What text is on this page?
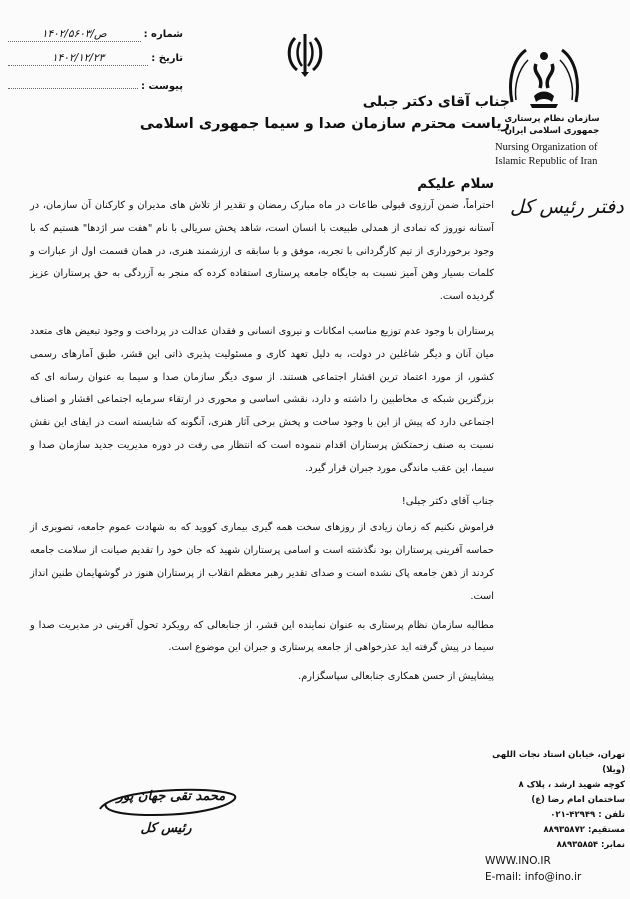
شماره :
۱۴۰۲/ص/۵۶۰۳
تاریخ :
۱۴۰۲/۱۲/۲۳
پیوست :
سازمان نظام پرستاری
جمهوری اسلامی ایران
Nursing Organization of
Islamic Republic of Iran
جناب آقای دکتر جبلی
ریاست محترم سازمان صدا و سیما جمهوری اسلامی
دفتر رئیس کل
سلام علیکم

احتراماً، ضمن آرزوی قبولی طاعات در ماه مبارک رمضان و تقدیر از تلاش های مدیران و کارکنان آن سازمان، در آستانه نوروز که نمادی از همدلی طبیعت با انسان است، شاهد پخش سریالی با نام "هفت سر اژدها" هستیم که با وجود برخورداری از تیم کارگردانی با تجربه، موفق و با سابقه ی ارزشمند هنری، در همان قسمت اول از عبارات و کلمات بسیار وهن آمیز نسبت به جایگاه جامعه پرستاری استفاده کرده که منجر به آزردگی به حق پرستاران عزیز گردیده است.

پرستاران با وجود عدم توزیع مناسب امکانات و نیروی انسانی و فقدان عدالت در پرداخت و وجود تبعیض های متعدد میان آنان و دیگر شاغلین در دولت، به دلیل تعهد کاری و مسئولیت پذیری ذاتی این قشر، طبق آمارهای رسمی کشور، از مورد اعتماد ترین اقشار اجتماعی هستند. از سوی دیگر سازمان صدا و سیما به عنوان رسانه ای که بزرگترین شبکه ی مخاطبین را داشته و دارد، نقشی اساسی و محوری در ارتقاء سرمایه اجتماعی اقشار و اصناف اجتماعی دارد که پیش از این با وجود ساخت و پخش برخی آثار هنری، آنگونه که شایسته است در ایفای این نقش نسبت به صنف زحمتکش پرستاران اقدام ننموده است که انتظار می رفت در دوره مدیریت جدید سازمان صدا و سیما، این عقب ماندگی مورد جبران قرار گیرد.

جناب آقای دکتر جبلی!

فراموش نکنیم که زمان زیادی از روزهای سخت همه گیری بیماری کووید که به شهادت عموم جامعه، تصویری از حماسه آفرینی پرستاران بود نگذشته است و اسامی پرستاران شهید که جان خود را تقدیم صیانت از سلامت جامعه کردند از ذهن جامعه پاک نشده است و صدای تقدیر رهبر معظم انقلاب از پرستاران هنوز در گوشهایمان طنین انداز است.

مطالبه سازمان نظام پرستاری به عنوان نماینده این قشر، از جنابعالی که رویکرد تحول آفرینی در مدیریت صدا و سیما در پیش گرفته اید عذرخواهی از جامعه پرستاری و جبران این موضوع است.

پیشاپیش از حسن همکاری جنابعالی سپاسگزارم.

محمد تقی جهان پور
رئیس کل
تهران، خیابان استاد نجات اللهی (ویلا)
کوچه شهید ارشد ، پلاک ۸
ساختمان امام رضا (ع)
تلفن : ۴۲۹۴۹-۰۲۱
مستقیم: ۸۸۹۳۵۸۷۲
نمابر: ۸۸۹۳۵۸۵۴
WWW.INO.IR
E-mail: info@ino.ir
